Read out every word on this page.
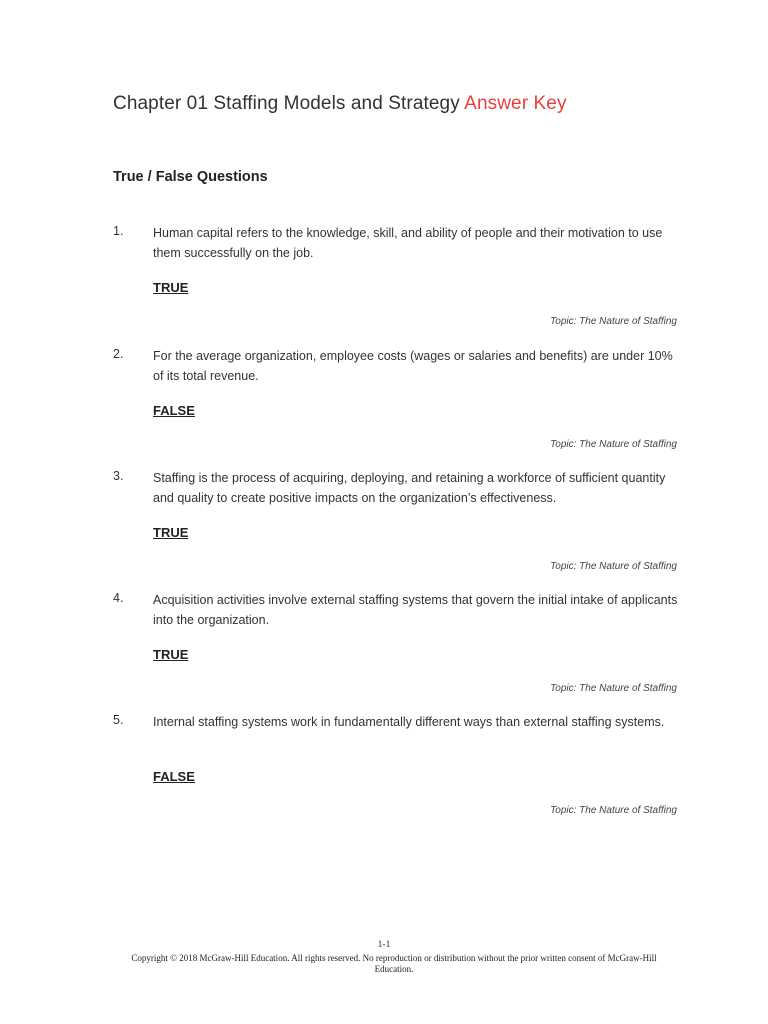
Chapter 01 Staffing Models and Strategy Answer Key
True / False Questions
1. Human capital refers to the knowledge, skill, and ability of people and their motivation to use them successfully on the job.

TRUE
Topic: The Nature of Staffing
2. For the average organization, employee costs (wages or salaries and benefits) are under 10% of its total revenue.

FALSE
Topic: The Nature of Staffing
3. Staffing is the process of acquiring, deploying, and retaining a workforce of sufficient quantity and quality to create positive impacts on the organization’s effectiveness.

TRUE
Topic: The Nature of Staffing
4. Acquisition activities involve external staffing systems that govern the initial intake of applicants into the organization.

TRUE
Topic: The Nature of Staffing
5. Internal staffing systems work in fundamentally different ways than external staffing systems.

FALSE
Topic: The Nature of Staffing
1-1
Copyright © 2018 McGraw-Hill Education. All rights reserved. No reproduction or distribution without the prior written consent of McGraw-Hill Education.
